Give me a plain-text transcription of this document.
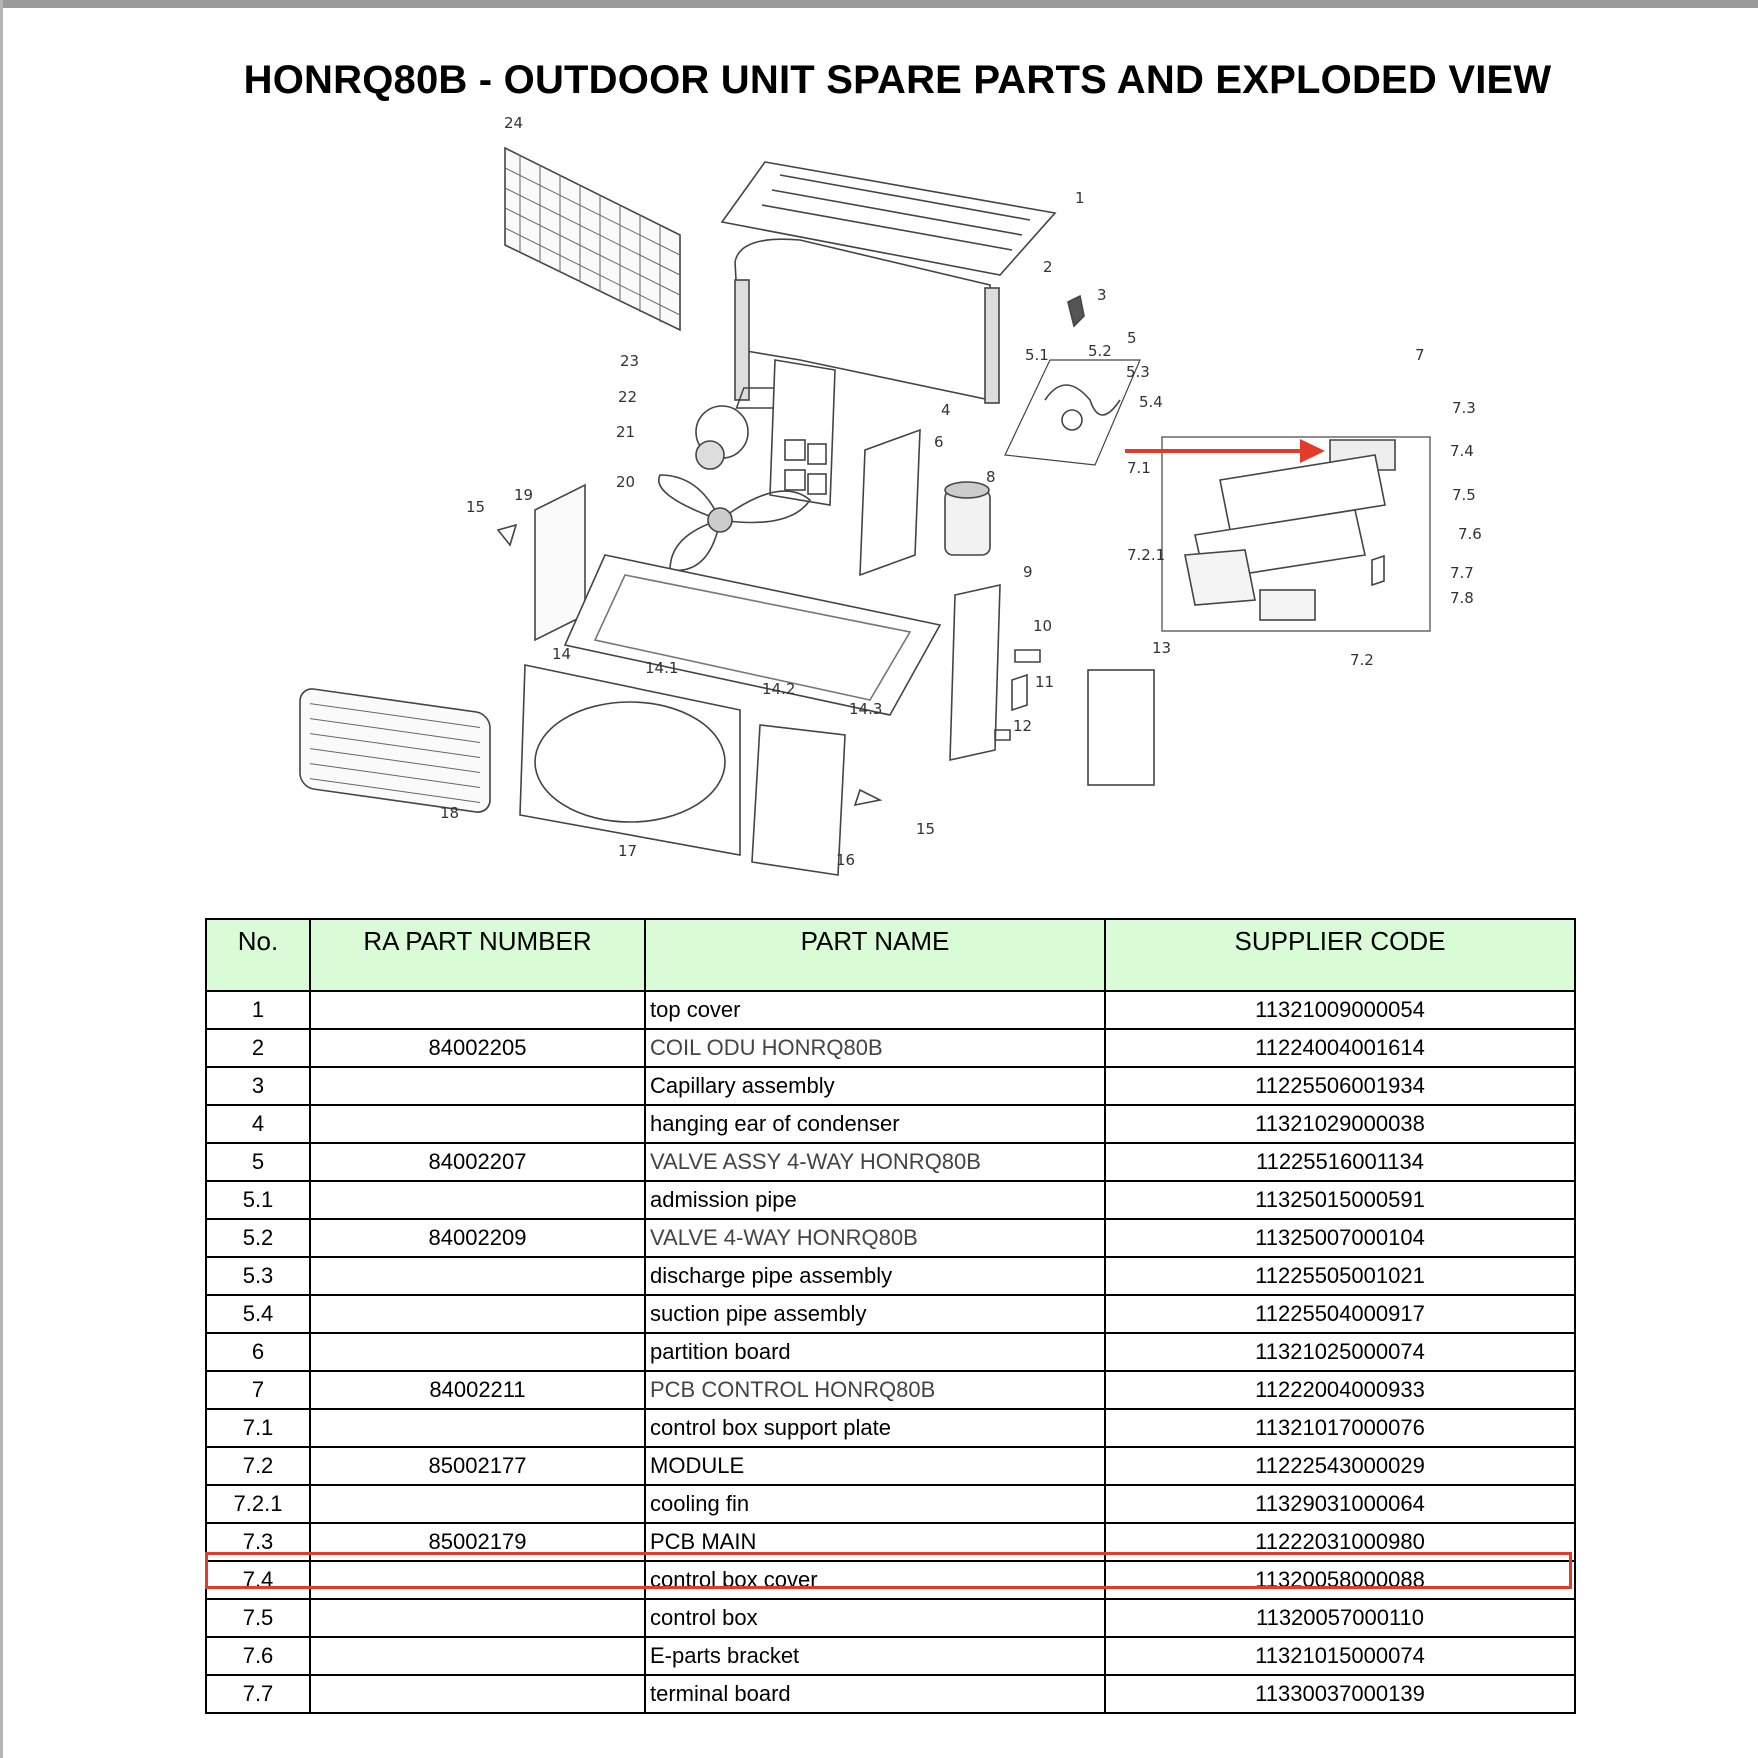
HONRQ80B - OUTDOOR UNIT SPARE PARTS AND EXPLODED VIEW
24
1
2
3
5
5.1	5.2
5.3
5.4
4
6
8
23
22
21
20
19
15
14
14.1
14.2
14.3
9
10
11
12
13
18
17	16
15
7
7.1
7.2.1
7.2
7.3
7.4
7.5
7.6
7.7
7.8
No.	RA PART NUMBER	PART NAME	SUPPLIER CODE
1		top cover	11321009000054
2	84002205	COIL ODU HONRQ80B	11224004001614
3		Capillary assembly	11225506001934
4		hanging ear of condenser	11321029000038
5	84002207	VALVE ASSY 4-WAY HONRQ80B	11225516001134
5.1		admission pipe	11325015000591
5.2	84002209	VALVE 4-WAY HONRQ80B	11325007000104
5.3		discharge pipe assembly	11225505001021
5.4		suction pipe assembly	11225504000917
6		partition board	11321025000074
7	84002211	PCB CONTROL HONRQ80B	11222004000933
7.1		control box support plate	11321017000076
7.2	85002177	MODULE	11222543000029
7.2.1		cooling fin	11329031000064
7.3	85002179	PCB MAIN	11222031000980
7.4		control box cover	11320058000088
7.5		control box	11320057000110
7.6		E-parts bracket	11321015000074
7.7		terminal board	11330037000139
